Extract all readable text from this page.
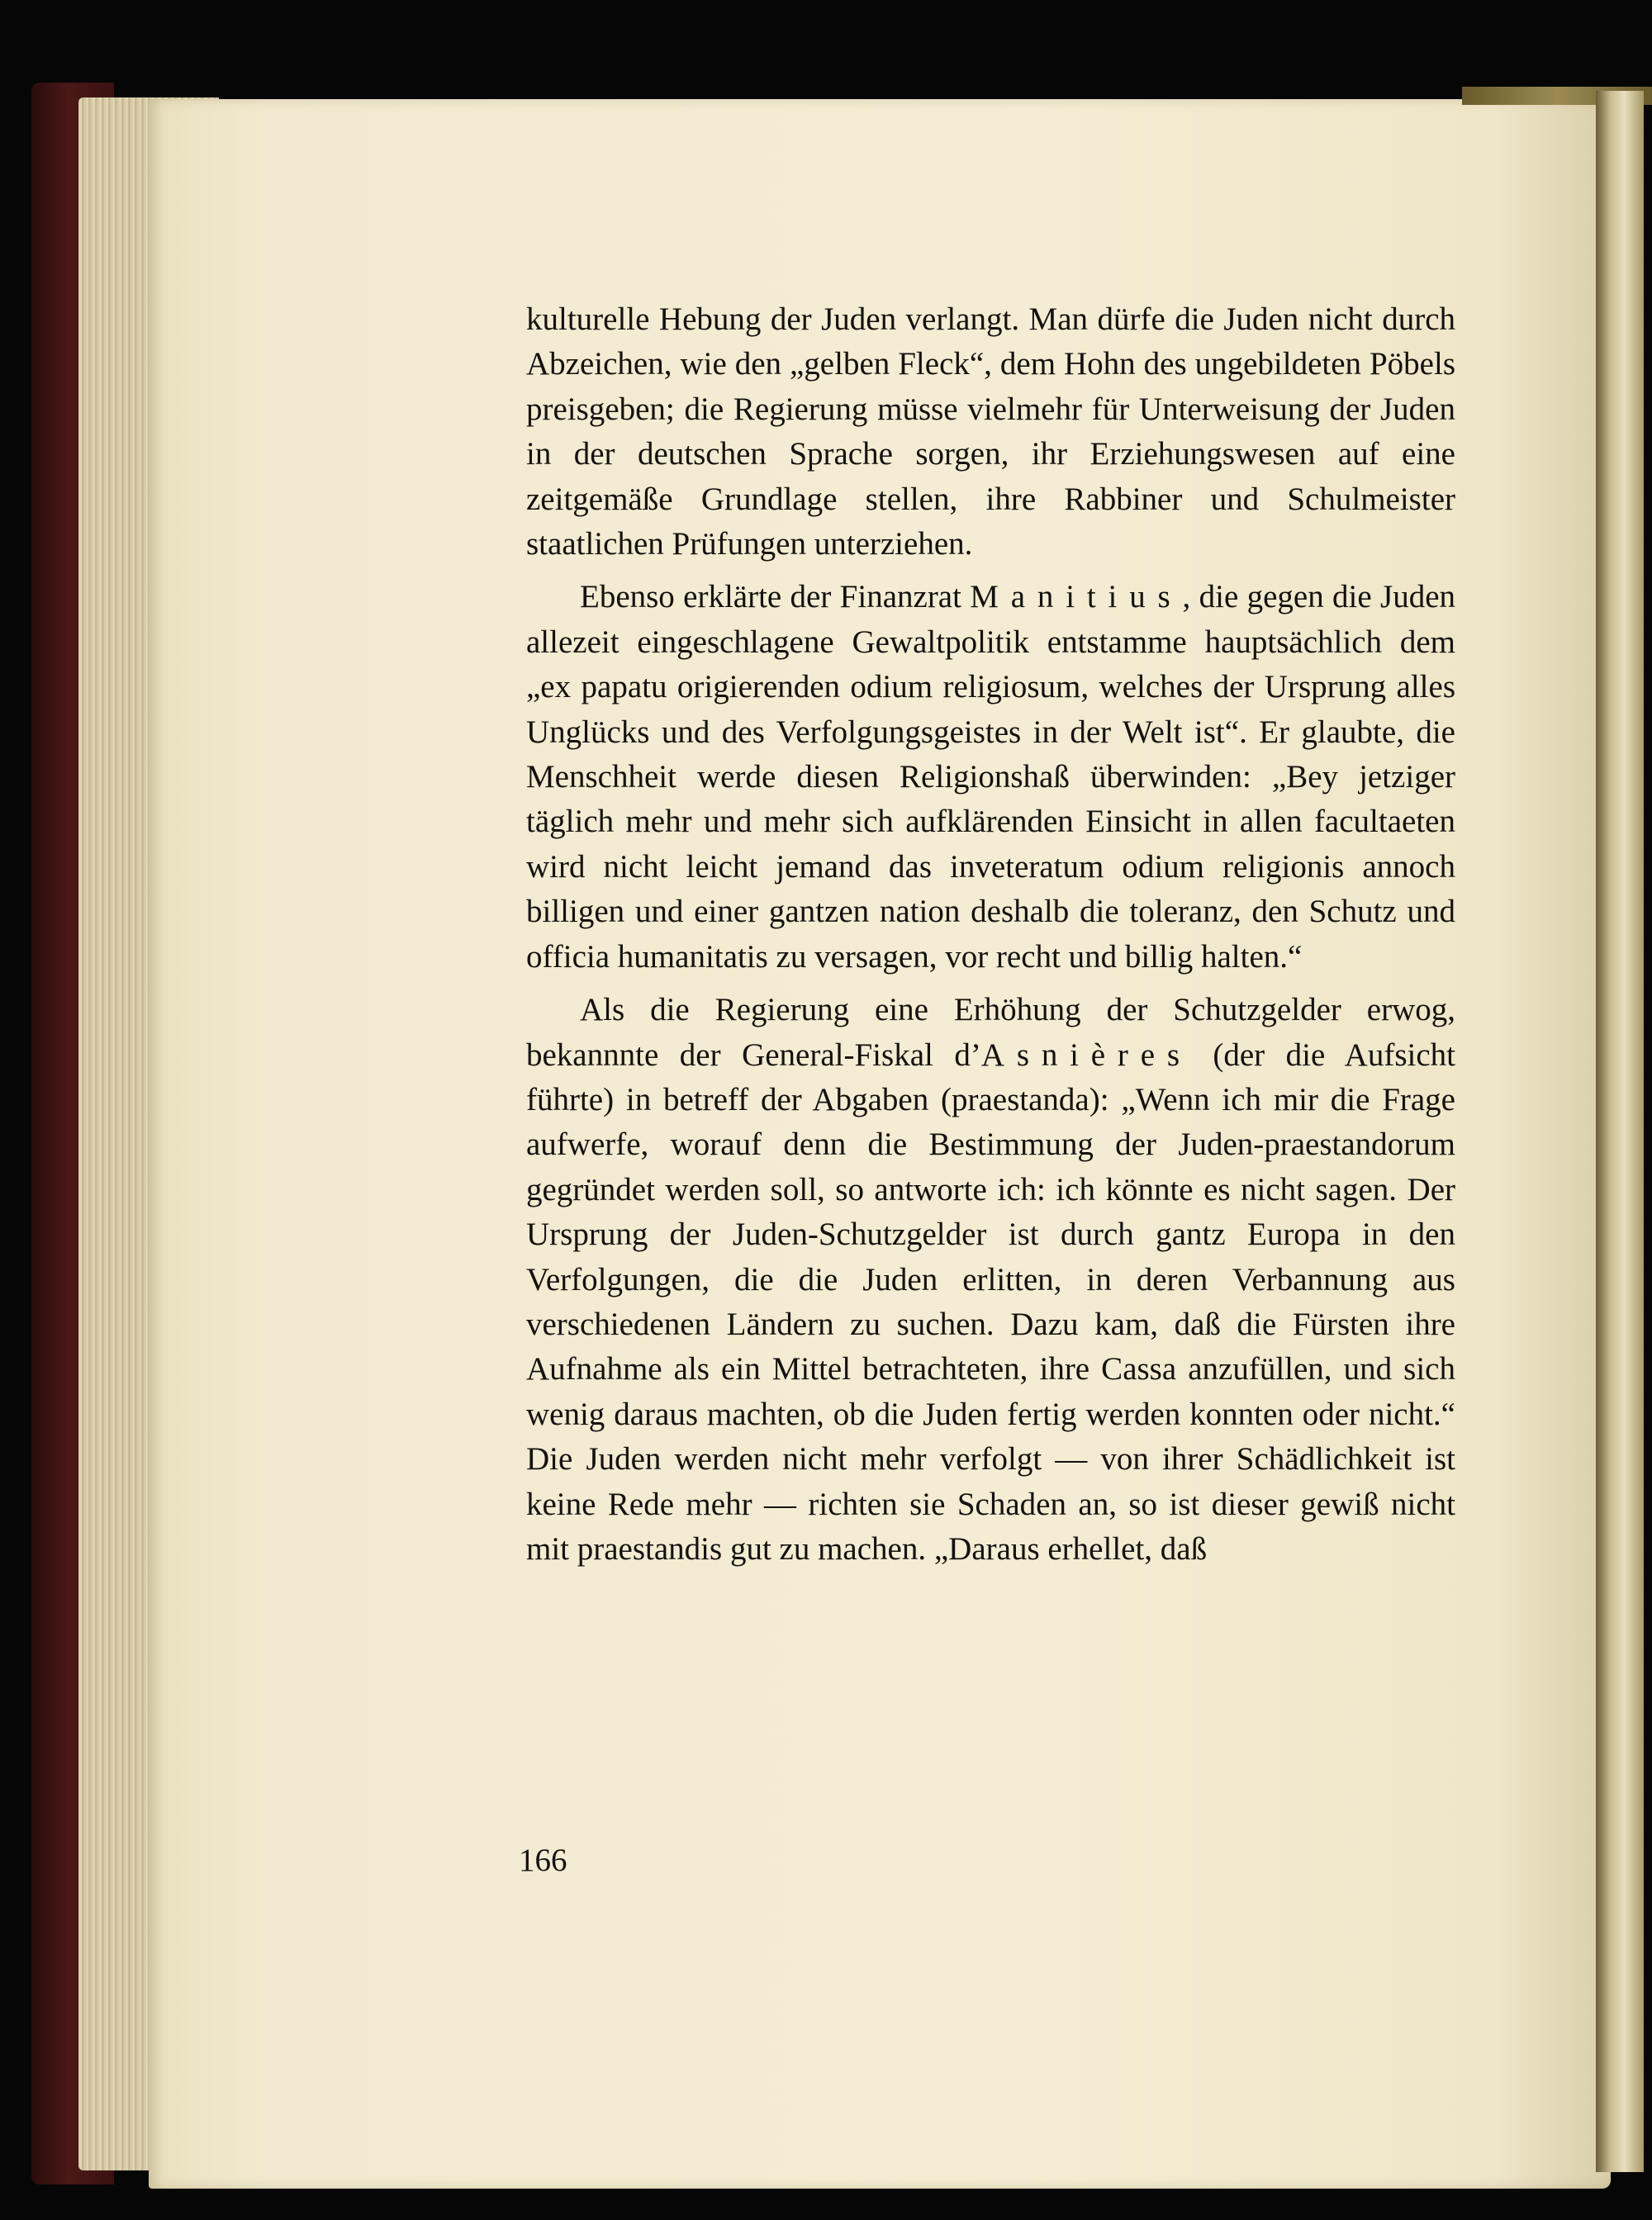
kulturelle Hebung der Juden verlangt. Man dürfe die Juden nicht durch Abzeichen, wie den „gelben Fleck“, dem Hohn des ungebildeten Pöbels preisgeben; die Regierung müsse vielmehr für Unterweisung der Juden in der deutschen Sprache sorgen, ihr Erziehungswesen auf eine zeitgemäße Grundlage stellen, ihre Rabbiner und Schulmeister staatlichen Prüfungen unterziehen.

Ebenso erklärte der Finanzrat Manitius, die gegen die Juden allezeit eingeschlagene Gewaltpolitik entstamme hauptsächlich dem „ex papatu origierenden odium religiosum, welches der Ursprung alles Unglücks und des Verfolgungsgeistes in der Welt ist“. Er glaubte, die Menschheit werde diesen Religionshaß überwinden: „Bey jetziger täglich mehr und mehr sich aufklärenden Einsicht in allen facultaeten wird nicht leicht jemand das inveteratum odium religionis annoch billigen und einer gantzen nation deshalb die toleranz, den Schutz und officia humanitatis zu versagen, vor recht und billig halten.“

Als die Regierung eine Erhöhung der Schutzgelder erwog, bekannnte der General-Fiskal d’Asnières (der die Aufsicht führte) in betreff der Abgaben (praestanda): „Wenn ich mir die Frage aufwerfe, worauf denn die Bestimmung der Juden-praestandorum gegründet werden soll, so antworte ich: ich könnte es nicht sagen. Der Ursprung der Juden-Schutzgelder ist durch gantz Europa in den Verfolgungen, die die Juden erlitten, in deren Verbannung aus verschiedenen Ländern zu suchen. Dazu kam, daß die Fürsten ihre Aufnahme als ein Mittel betrachteten, ihre Cassa anzufüllen, und sich wenig daraus machten, ob die Juden fertig werden konnten oder nicht.“ Die Juden werden nicht mehr verfolgt — von ihrer Schädlichkeit ist keine Rede mehr — richten sie Schaden an, so ist dieser gewiß nicht mit praestandis gut zu machen. „Daraus erhellet, daß

166
